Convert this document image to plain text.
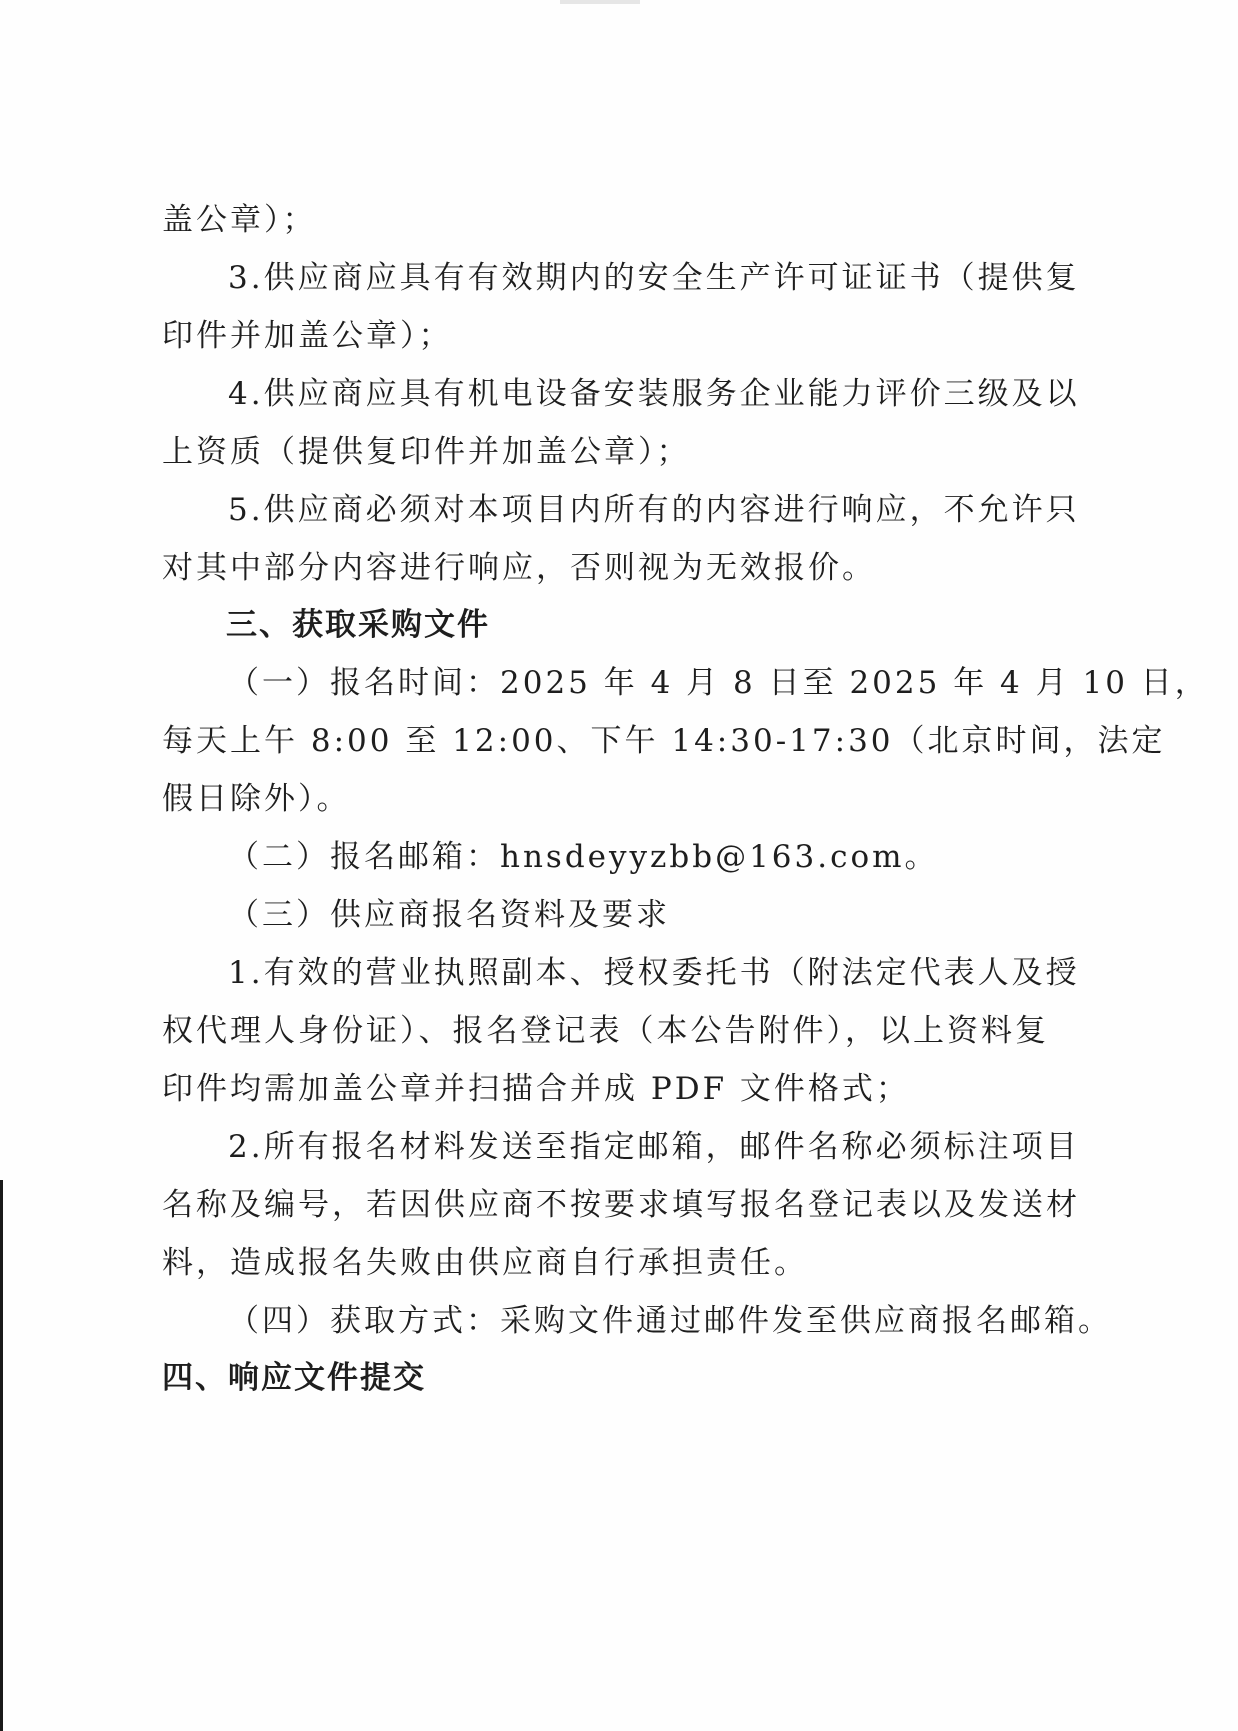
盖公章）；
3.供应商应具有有效期内的安全生产许可证证书（提供复
印件并加盖公章）；
4.供应商应具有机电设备安装服务企业能力评价三级及以
上资质（提供复印件并加盖公章）；
5.供应商必须对本项目内所有的内容进行响应，不允许只
对其中部分内容进行响应，否则视为无效报价。
三、获取采购文件
（一）报名时间：2025 年 4 月 8 日至 2025 年 4 月 10 日，
每天上午 8:00 至 12:00、下午 14:30-17:30（北京时间，法定
假日除外）。
（二）报名邮箱：hnsdeyyzbb@163.com。
（三）供应商报名资料及要求
1.有效的营业执照副本、授权委托书（附法定代表人及授
权代理人身份证）、报名登记表（本公告附件），以上资料复
印件均需加盖公章并扫描合并成 PDF 文件格式；
2.所有报名材料发送至指定邮箱，邮件名称必须标注项目
名称及编号，若因供应商不按要求填写报名登记表以及发送材
料，造成报名失败由供应商自行承担责任。
（四）获取方式：采购文件通过邮件发至供应商报名邮箱。
四、响应文件提交
